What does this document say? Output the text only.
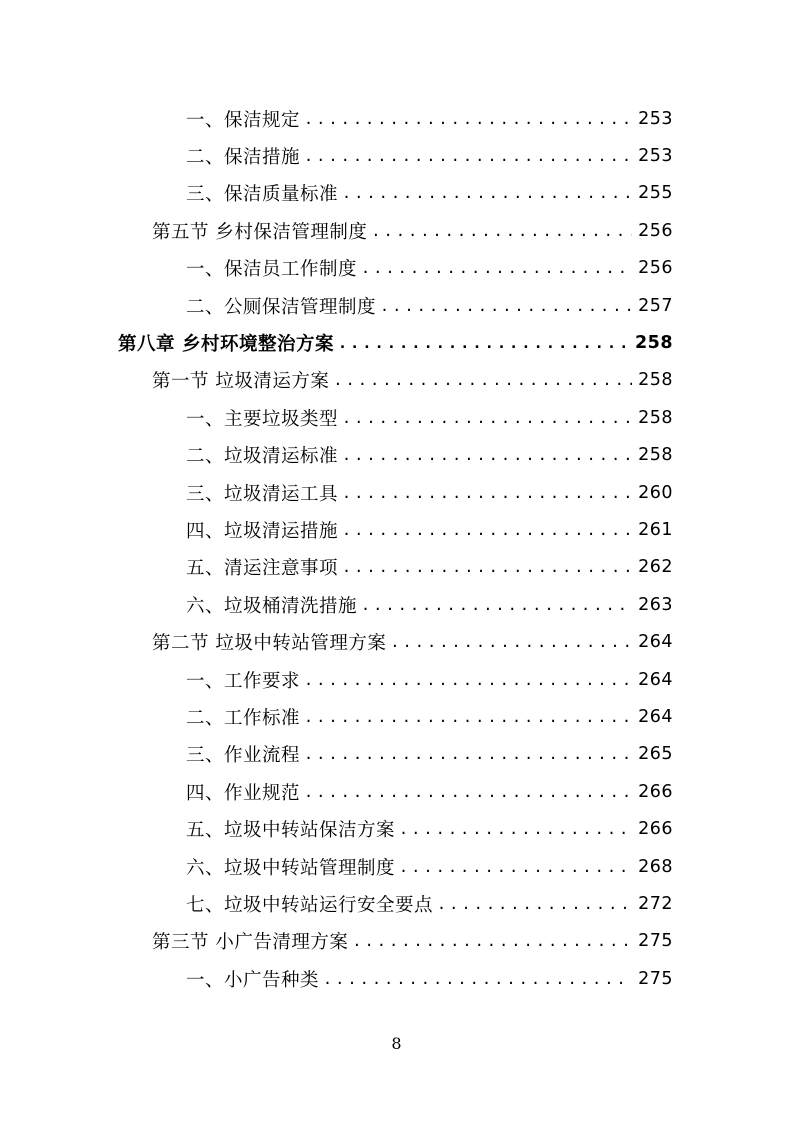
一、保洁规定 .....	253
二、保洁措施 .....	253
三、保洁质量标准 .....	255
第五节 乡村保洁管理制度 .....	256
一、保洁员工作制度 .....	256
二、公厕保洁管理制度 .....	257
第八章 乡村环境整治方案 .....	258
第一节 垃圾清运方案 .....	258
一、主要垃圾类型 .....	258
二、垃圾清运标准 .....	258
三、垃圾清运工具 .....	260
四、垃圾清运措施 .....	261
五、清运注意事项 .....	262
六、垃圾桶清洗措施 .....	263
第二节 垃圾中转站管理方案 .....	264
一、工作要求 .....	264
二、工作标准 .....	264
三、作业流程 .....	265
四、作业规范 .....	266
五、垃圾中转站保洁方案 .....	266
六、垃圾中转站管理制度 .....	268
七、垃圾中转站运行安全要点 .....	272
第三节 小广告清理方案 .....	275
一、小广告种类 .....	275
8
